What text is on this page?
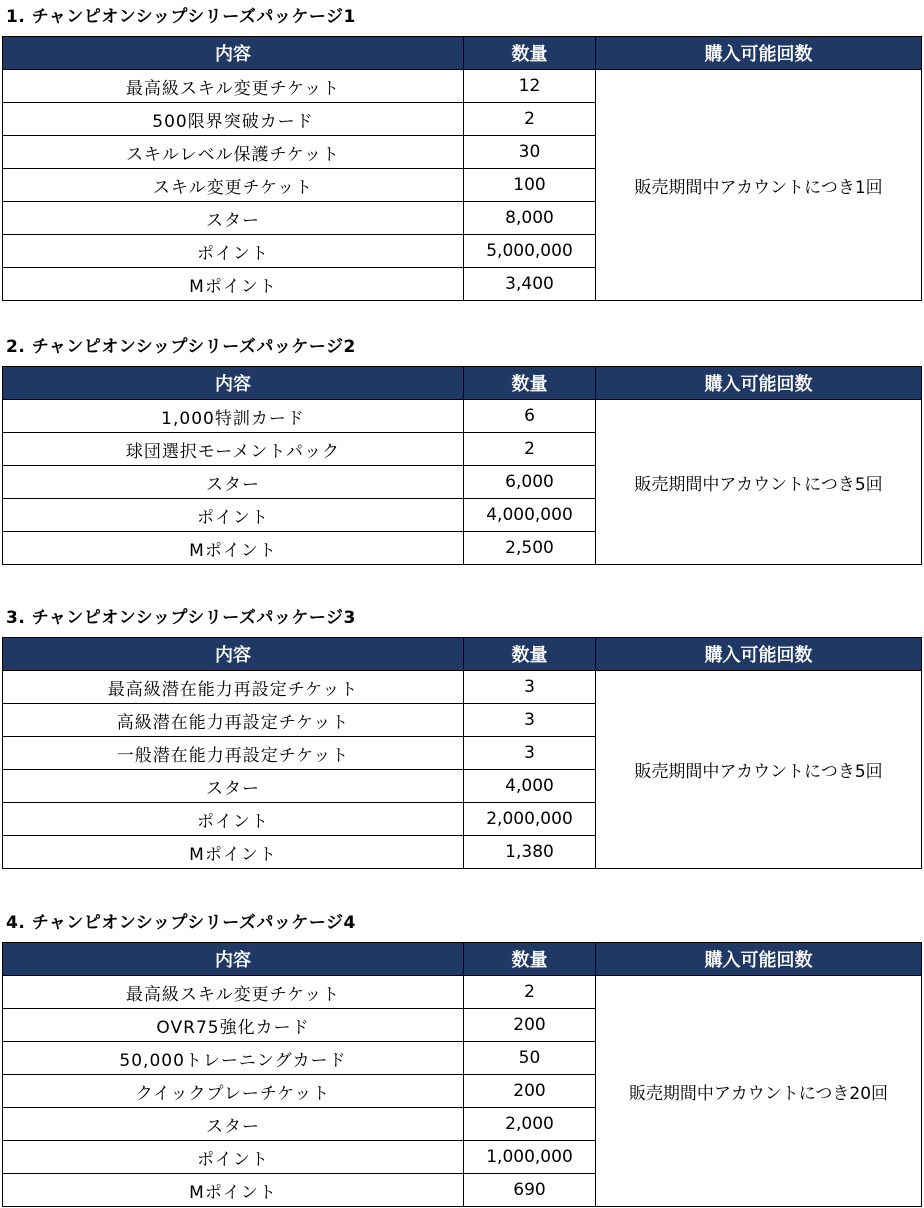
1. チャンピオンシップシリーズパッケージ1
内容	数量	購入可能回数
最高級スキル変更チケット	12	販売期間中アカウントにつき1回
500限界突破カード	2	
スキルレベル保護チケット	30	
スキル変更チケット	100	
スター	8,000	
ポイント	5,000,000	
Mポイント	3,400	
2. チャンピオンシップシリーズパッケージ2
内容	数量	購入可能回数
1,000特訓カード	6	販売期間中アカウントにつき5回
球団選択モーメントパック	2	
スター	6,000	
ポイント	4,000,000	
Mポイント	2,500	
3. チャンピオンシップシリーズパッケージ3
内容	数量	購入可能回数
最高級潜在能力再設定チケット	3	販売期間中アカウントにつき5回
高級潜在能力再設定チケット	3	
一般潜在能力再設定チケット	3	
スター	4,000	
ポイント	2,000,000	
Mポイント	1,380	
4. チャンピオンシップシリーズパッケージ4
内容	数量	購入可能回数
最高級スキル変更チケット	2	販売期間中アカウントにつき20回
OVR75強化カード	200	
50,000トレーニングカード	50	
クイックプレーチケット	200	
スター	2,000	
ポイント	1,000,000	
Mポイント	690	
